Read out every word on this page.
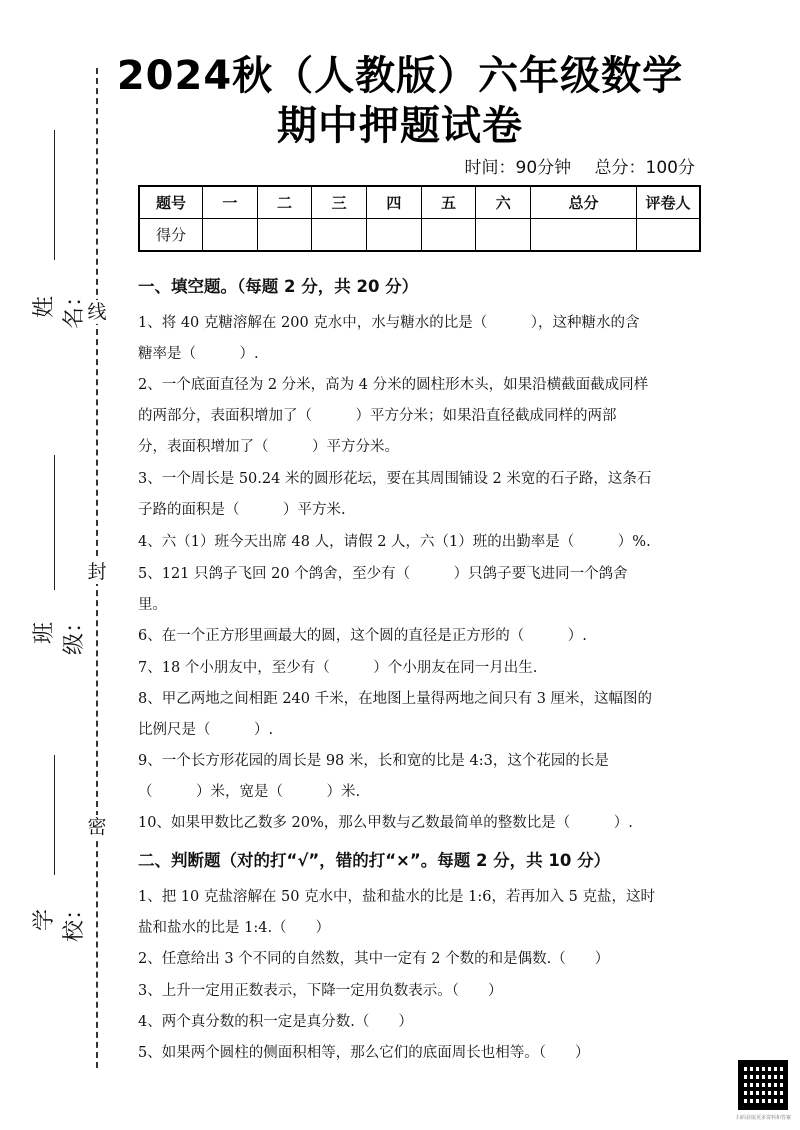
2024秋（人教版）六年级数学
期中押题试卷
时间：90分钟 总分：100分
题号	一	二	三	四	五	六	总分	评卷人
得分								
线
封
密
姓名：
班级：
学校：
一、填空题。（每题 2 分，共 20 分）
1、将 40 克糖溶解在 200 克水中，水与糖水的比是（　　　），这种糖水的含
糖率是（　　　）.
2、一个底面直径为 2 分米，高为 4 分米的圆柱形木头，如果沿横截面截成同样
的两部分，表面积增加了（　　　）平方分米；如果沿直径截成同样的两部
分，表面积增加了（　　　）平方分米。
3、一个周长是 50.24 米的圆形花坛，要在其周围铺设 2 米宽的石子路，这条石
子路的面积是（　　　）平方米.
4、六（1）班今天出席 48 人，请假 2 人，六（1）班的出勤率是（　　　）%.
5、121 只鸽子飞回 20 个鸽舍，至少有（　　　）只鸽子要飞进同一个鸽舍
里。
6、在一个正方形里画最大的圆，这个圆的直径是正方形的（　　　）.
7、18 个小朋友中，至少有（　　　）个小朋友在同一月出生.
8、甲乙两地之间相距 240 千米，在地图上量得两地之间只有 3 厘米，这幅图的
比例尺是（　　　）.
9、一个长方形花园的周长是 98 米，长和宽的比是 4:3，这个花园的长是
（　　　）米，宽是（　　　）米.
10、如果甲数比乙数多 20%，那么甲数与乙数最简单的整数比是（　　　）.
二、判断题（对的打“√”，错的打“×”。每题 2 分，共 10 分）
1、把 10 克盐溶解在 50 克水中，盐和盐水的比是 1:6，若再加入 5 克盐，这时
盐和盐水的比是 1:4.（　　）
2、任意给出 3 个不同的自然数，其中一定有 2 个数的和是偶数.（　　）
3、上升一定用正数表示，下降一定用负数表示。（　　）
4、两个真分数的积一定是真分数.（　　）
5、如果两个圆柱的侧面积相等，那么它们的底面周长也相等。（　　）
扫码获取更多资料和答案
